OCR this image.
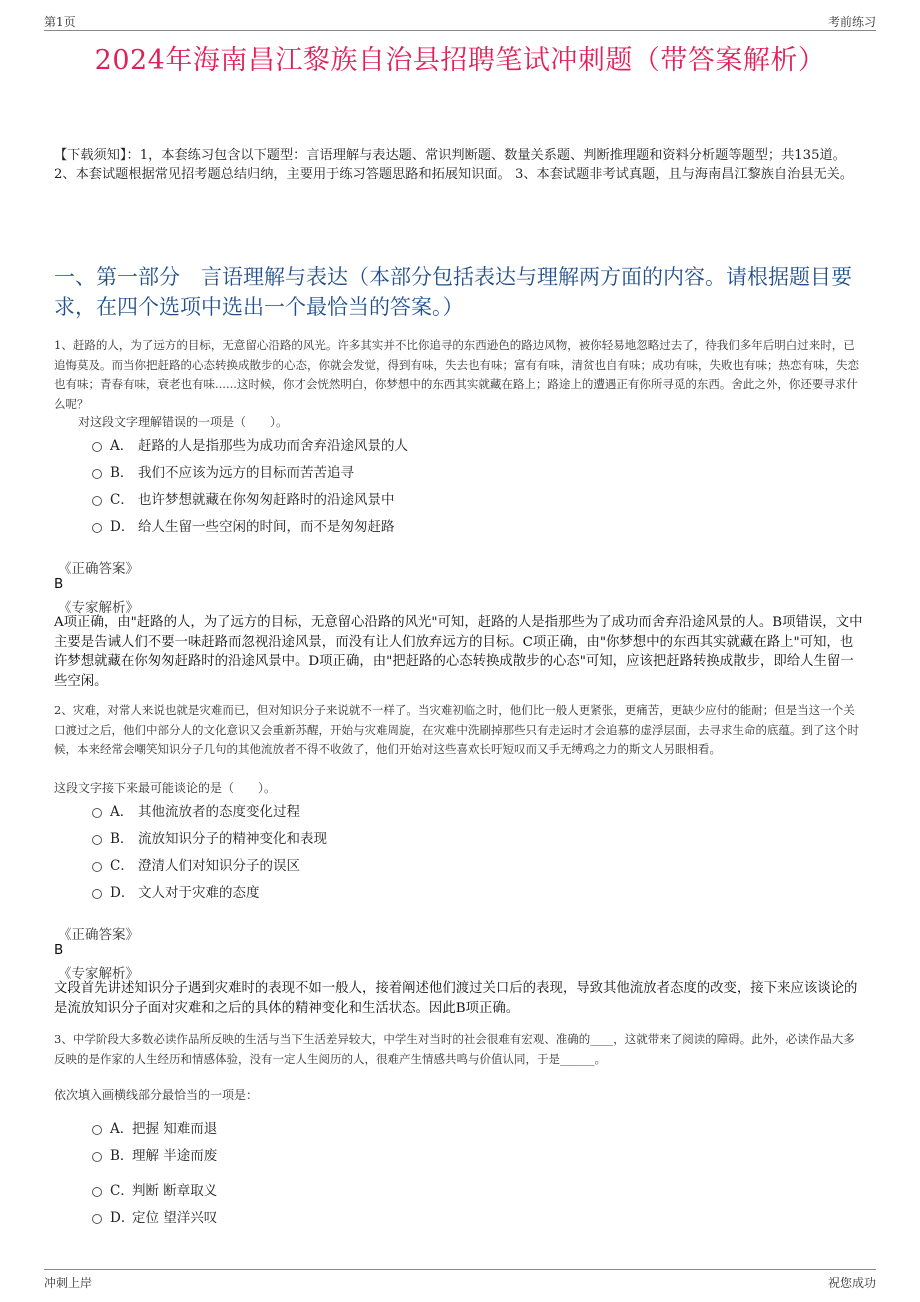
第1页	考前练习
2024年海南昌江黎族自治县招聘笔试冲刺题（带答案解析）
【下载须知】：1，本套练习包含以下题型：言语理解与表达题、常识判断题、数量关系题、判断推理题和资料分析题等题型；共135道。 2、本套试题根据常见招考题总结归纳，主要用于练习答题思路和拓展知识面。 3、本套试题非考试真题，且与海南昌江黎族自治县无关。
一、第一部分　言语理解与表达（本部分包括表达与理解两方面的内容。请根据题目要求，在四个选项中选出一个最恰当的答案。）
1、赶路的人，为了远方的目标，无意留心沿路的风光。许多其实并不比你追寻的东西逊色的路边风物，被你轻易地忽略过去了，待我们多年后明白过来时，已追悔莫及。而当你把赶路的心态转换成散步的心态，你就会发觉，得到有味，失去也有味；富有有味，清贫也自有味；成功有味，失败也有味；热恋有味，失恋也有味；青春有味，衰老也有味......这时候，你才会恍然明白，你梦想中的东西其实就藏在路上；路途上的遭遇正有你所寻觅的东西。舍此之外，你还要寻求什么呢？
对这段文字理解错误的一项是（　　）。
A． 赶路的人是指那些为成功而舍弃沿途风景的人
B． 我们不应该为远方的目标而苦苦追寻
C． 也许梦想就藏在你匆匆赶路时的沿途风景中
D． 给人生留一些空闲的时间，而不是匆匆赶路
《正确答案》
B
《专家解析》
A项正确，由"赶路的人，为了远方的目标，无意留心沿路的风光"可知，赶路的人是指那些为了成功而舍弃沿途风景的人。B项错误，文中主要是告诫人们不要一味赶路而忽视沿途风景，而没有让人们放弃远方的目标。C项正确，由"你梦想中的东西其实就藏在路上"可知，也许梦想就藏在你匆匆赶路时的沿途风景中。D项正确，由"把赶路的心态转换成散步的心态"可知，应该把赶路转换成散步，即给人生留一些空闲。
2、灾难，对常人来说也就是灾难而已，但对知识分子来说就不一样了。当灾难初临之时，他们比一般人更紧张，更痛苦，更缺少应付的能耐；但是当这一个关口渡过之后，他们中部分人的文化意识又会重新苏醒，开始与灾难周旋，在灾难中洗刷掉那些只有走运时才会追慕的虚浮层面，去寻求生命的底蕴。到了这个时候，本来经常会嘲笑知识分子几句的其他流放者不得不收敛了，他们开始对这些喜欢长吁短叹而又手无缚鸡之力的斯文人另眼相看。
这段文字接下来最可能谈论的是（　　）。
A． 其他流放者的态度变化过程
B． 流放知识分子的精神变化和表现
C． 澄清人们对知识分子的误区
D． 文人对于灾难的态度
《正确答案》
B
《专家解析》
文段首先讲述知识分子遇到灾难时的表现不如一般人，接着阐述他们渡过关口后的表现，导致其他流放者态度的改变，接下来应该谈论的是流放知识分子面对灾难和之后的具体的精神变化和生活状态。因此B项正确。
3、中学阶段大多数必读作品所反映的生活与当下生活差异较大，中学生对当时的社会很难有宏观、准确的____，这就带来了阅读的障碍。此外，必读作品大多反映的是作家的人生经历和情感体验，没有一定人生阅历的人，很难产生情感共鸣与价值认同，于是______。
依次填入画横线部分最恰当的一项是：
A．
把握 知难而退
B．
理解 半途而废
C．
判断 断章取义
D．
定位 望洋兴叹
冲刺上岸	祝您成功
